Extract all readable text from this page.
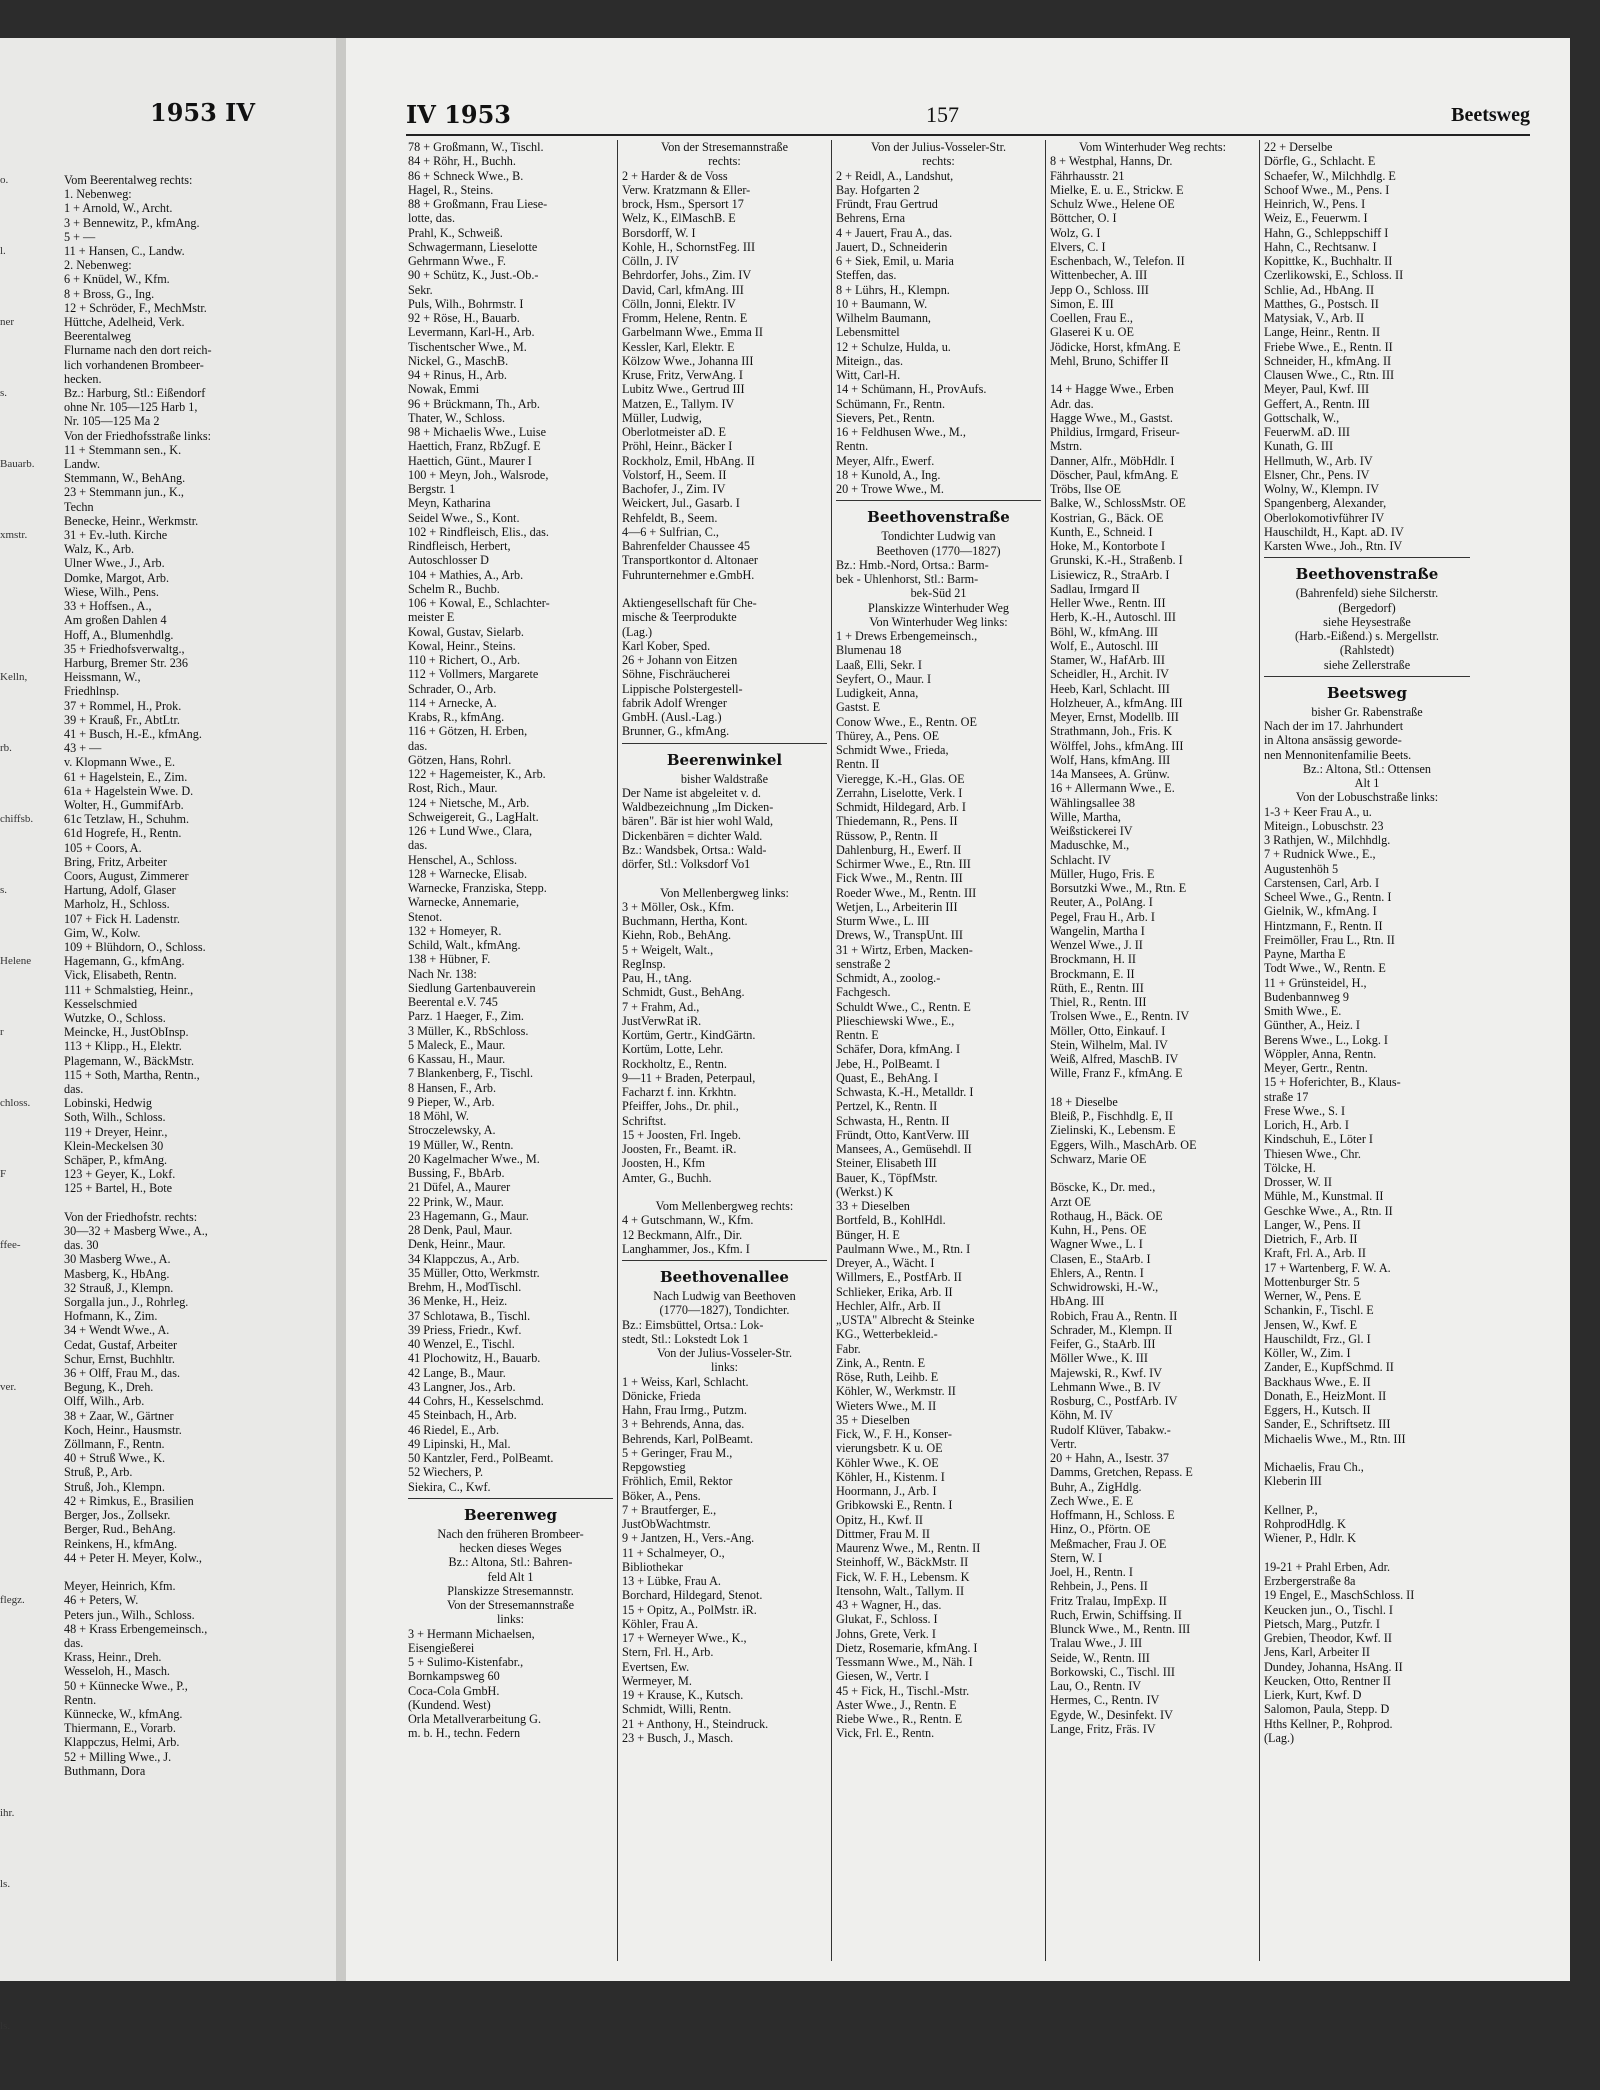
1953 IV
o.
l.
ner
s.
Bauarb.
xmstr.

Kelln,
rb.
chiffsb.
s.
Helene
r
chloss.
F
ffee-

ver.

flegz.

ihr.
ls.

ls.
Vom Beerentalweg rechts:
1. Nebenweg:
1 + Arnold, W., Archt.
3 + Bennewitz, P., kfmAng.
5 + —
11 + Hansen, C., Landw.
2. Nebenweg:
6 + Knüdel, W., Kfm.
8 + Bross, G., Ing.
12 + Schröder, F., MechMstr.
Hüttche, Adelheid, Verk.
Beerentalweg
Flurname nach den dort reich-
lich vorhandenen Brombeer-
hecken.
Bz.: Harburg, Stl.: Eißendorf
ohne Nr. 105—125 Harb 1,
Nr. 105—125 Ma 2
Von der Friedhofsstraße links:
11 + Stemmann sen., K.
Landw.
Stemmann, W., BehAng.
23 + Stemmann jun., K.,
Techn
Benecke, Heinr., Werkmstr.
31 + Ev.-luth. Kirche
Walz, K., Arb.
Ulner Wwe., J., Arb.
Domke, Margot, Arb.
Wiese, Wilh., Pens.
33 + Hoffsen., A.,
Am großen Dahlen 4
Hoff, A., Blumenhdlg.
35 + Friedhofsverwaltg.,
Harburg, Bremer Str. 236
Heissmann, W.,
Friedhlnsp.
37 + Rommel, H., Prok.
39 + Krauß, Fr., AbtLtr.
41 + Busch, H.-E., kfmAng.
43 + —
v. Klopmann Wwe., E.
61 + Hagelstein, E., Zim.
61a + Hagelstein Wwe. D.
Wolter, H., GummifArb.
61c Tetzlaw, H., Schuhm.
61d Hogrefe, H., Rentn.
105 + Coors, A.
Bring, Fritz, Arbeiter
Coors, August, Zimmerer
Hartung, Adolf, Glaser
Marholz, H., Schloss.
107 + Fick H. Ladenstr.
Gim, W., Kolw.
109 + Blühdorn, O., Schloss.
Hagemann, G., kfmAng.
Vick, Elisabeth, Rentn.
111 + Schmalstieg, Heinr.,
Kesselschmied
Wutzke, O., Schloss.
Meincke, H., JustObInsp.
113 + Klipp., H., Elektr.
Plagemann, W., BäckMstr.
115 + Soth, Martha, Rentn.,
das.
Lobinski, Hedwig
Soth, Wilh., Schloss.
119 + Dreyer, Heinr.,
Klein-Meckelsen 30
Schäper, P., kfmAng.
123 + Geyer, K., Lokf.
125 + Bartel, H., Bote

Von der Friedhofstr. rechts:
30—32 + Masberg Wwe., A.,
das. 30
30 Masberg Wwe., A.
Masberg, K., HbAng.
32 Strauß, J., Klempn.
Sorgalla jun., J., Rohrleg.
Hofmann, K., Zim.
34 + Wendt Wwe., A.
Cedat, Gustaf, Arbeiter
Schur, Ernst, Buchhltr.
36 + Olff, Frau M., das.
Begung, K., Dreh.
Olff, Wilh., Arb.
38 + Zaar, W., Gärtner
Koch, Heinr., Hausmstr.
Zöllmann, F., Rentn.
40 + Struß Wwe., K.
Struß, P., Arb.
Struß, Joh., Klempn.
42 + Rimkus, E., Brasilien
Berger, Jos., Zollsekr.
Berger, Rud., BehAng.
Reinkens, H., kfmAng.
44 + Peter H. Meyer, Kolw.,

Meyer, Heinrich, Kfm.
46 + Peters, W.
Peters jun., Wilh., Schloss.
48 + Krass Erbengemeinsch.,
das.
Krass, Heinr., Dreh.
Wesseloh, H., Masch.
50 + Künnecke Wwe., P.,
Rentn.
Künnecke, W., kfmAng.
Thiermann, E., Vorarb.
Klappczus, Helmi, Arb.
52 + Milling Wwe., J.
Buthmann, Dora
IV 1953	157	Beetsweg
78 + Großmann, W., Tischl.
84 + Röhr, H., Buchh.
86 + Schneck Wwe., B.
Hagel, R., Steins.
88 + Großmann, Frau Liese-
lotte, das.
Prahl, K., Schweiß.
Schwagermann, Lieselotte
Gehrmann Wwe., F.
90 + Schütz, K., Just.-Ob.-
Sekr.
Puls, Wilh., Bohrmstr. I
92 + Röse, H., Bauarb.
Levermann, Karl-H., Arb.
Tischentscher Wwe., M.
Nickel, G., MaschB.
94 + Rinus, H., Arb.
Nowak, Emmi
96 + Brückmann, Th., Arb.
Thater, W., Schloss.
98 + Michaelis Wwe., Luise
Haettich, Franz, RbZugf. E
Haettich, Günt., Maurer I
100 + Meyn, Joh., Walsrode,
Bergstr. 1
Meyn, Katharina
Seidel Wwe., S., Kont.
102 + Rindfleisch, Elis., das.
Rindfleisch, Herbert,
Autoschlosser D
104 + Mathies, A., Arb.
Schelm R., Buchb.
106 + Kowal, E., Schlachter-
meister E
Kowal, Gustav, Sielarb.
Kowal, Heinr., Steins.
110 + Richert, O., Arb.
112 + Vollmers, Margarete
Schrader, O., Arb.
114 + Arnecke, A.
Krabs, R., kfmAng.
116 + Götzen, H. Erben,
das.
Götzen, Hans, Rohrl.
122 + Hagemeister, K., Arb.
Rost, Rich., Maur.
124 + Nietsche, M., Arb.
Schweigereit, G., LagHalt.
126 + Lund Wwe., Clara,
das.
Henschel, A., Schloss.
128 + Warnecke, Elisab.
Warnecke, Franziska, Stepp.
Warnecke, Annemarie,
Stenot.
132 + Homeyer, R.
Schild, Walt., kfmAng.
138 + Hübner, F.
Nach Nr. 138:
Siedlung Gartenbauverein
Beerental e.V. 745
Parz. 1 Haeger, F., Zim.
3 Müller, K., RbSchloss.
5 Maleck, E., Maur.
6 Kassau, H., Maur.
7 Blankenberg, F., Tischl.
8 Hansen, F., Arb.
9 Pieper, W., Arb.
18 Möhl, W.
Stroczelewsky, A.
19 Müller, W., Rentn.
20 Kagelmacher Wwe., M.
Bussing, F., BbArb.
21 Düfel, A., Maurer
22 Prink, W., Maur.
23 Hagemann, G., Maur.
28 Denk, Paul, Maur.
Denk, Heinr., Maur.
34 Klappczus, A., Arb.
35 Müller, Otto, Werkmstr.
Brehm, H., ModTischl.
36 Menke, H., Heiz.
37 Schlotawa, B., Tischl.
39 Priess, Friedr., Kwf.
40 Wenzel, E., Tischl.
41 Plochowitz, H., Bauarb.
42 Lange, B., Maur.
43 Langner, Jos., Arb.
44 Cohrs, H., Kesselschmd.
45 Steinbach, H., Arb.
46 Riedel, E., Arb.
49 Lipinski, H., Mal.
50 Kantzler, Ferd., PolBeamt.
52 Wiechers, P.
Siekira, C., Kwf.
Beerenweg
Nach den früheren Brombeer-
hecken dieses Weges
Bz.: Altona, Stl.: Bahren-
feld Alt 1
Planskizze Stresemannstr.
Von der Stresemannstraße
links:
3 + Hermann Michaelsen,
Eisengießerei
5 + Sulimo-Kistenfabr.,
Bornkampsweg 60
Coca-Cola GmbH.
(Kundend. West)
Orla Metallverarbeitung G.
m. b. H., techn. Federn
Von der Stresemannstraße
rechts:
2 + Harder & de Voss
Verw. Kratzmann & Eller-
brock, Hsm., Spersort 17
Welz, K., ElMaschB. E
Borsdorff, W. I
Kohle, H., SchornstFeg. III
Cölln, J. IV
Behrdorfer, Johs., Zim. IV
David, Carl, kfmAng. III
Cölln, Jonni, Elektr. IV
Fromm, Helene, Rentn. E
Garbelmann Wwe., Emma II
Kessler, Karl, Elektr. E
Kölzow Wwe., Johanna III
Kruse, Fritz, VerwAng. I
Lubitz Wwe., Gertrud III
Matzen, E., Tallym. IV
Müller, Ludwig,
Oberlotmeister aD. E
Pröhl, Heinr., Bäcker I
Rockholz, Emil, HbAng. II
Volstorf, H., Seem. II
Bachofer, J., Zim. IV
Weickert, Jul., Gasarb. I
Rehfeldt, B., Seem.
4—6 + Sulfrian, C.,
Bahrenfelder Chaussee 45
Transportkontor d. Altonaer
Fuhrunternehmer e.GmbH.

Aktiengesellschaft für Che-
mische & Teerprodukte
(Lag.)
Karl Kober, Sped.
26 + Johann von Eitzen
Söhne, Fischräucherei
Lippische Polstergestell-
fabrik Adolf Wrenger
GmbH. (Ausl.-Lag.)
Brunner, G., kfmAng.
Beerenwinkel
bisher Waldstraße
Der Name ist abgeleitet v. d.
Waldbezeichnung „Im Dicken-
bären". Bär ist hier wohl Wald,
Dickenbären = dichter Wald.
Bz.: Wandsbek, Ortsa.: Wald-
dörfer, Stl.: Volksdorf Vo1

Von Mellenbergweg links:
3 + Möller, Osk., Kfm.
Buchmann, Hertha, Kont.
Kiehn, Rob., BehAng.
5 + Weigelt, Walt.,
RegInsp.
Pau, H., tAng.
Schmidt, Gust., BehAng.
7 + Frahm, Ad.,
JustVerwRat iR.
Kortüm, Gertr., KindGärtn.
Kortüm, Lotte, Lehr.
Rockholtz, E., Rentn.
9—11 + Braden, Peterpaul,
Facharzt f. inn. Krkhtn.
Pfeiffer, Johs., Dr. phil.,
Schriftst.
15 + Joosten, Frl. Ingeb.
Joosten, Fr., Beamt. iR.
Joosten, H., Kfm
Amter, G., Buchh.

Vom Mellenbergweg rechts:
4 + Gutschmann, W., Kfm.
12 Beckmann, Alfr., Dir.
Langhammer, Jos., Kfm. I
Beethovenallee
Nach Ludwig van Beethoven
(1770—1827), Tondichter.
Bz.: Eimsbüttel, Ortsa.: Lok-
stedt, Stl.: Lokstedt Lok 1
Von der Julius-Vosseler-Str.
links:
1 + Weiss, Karl, Schlacht.
Dönicke, Frieda
Hahn, Frau Irmg., Putzm.
3 + Behrends, Anna, das.
Behrends, Karl, PolBeamt.
5 + Geringer, Frau M.,
Repgowstieg
Fröhlich, Emil, Rektor
Böker, A., Pens.
7 + Brautferger, E.,
JustObWachtmstr.
9 + Jantzen, H., Vers.-Ang.
11 + Schalmeyer, O.,
Bibliothekar
13 + Lübke, Frau A.
Borchard, Hildegard, Stenot.
15 + Opitz, A., PolMstr. iR.
Köhler, Frau A.
17 + Werneyer Wwe., K.,
Stern, Frl. H., Arb.
Evertsen, Ew.
Wermeyer, M.
19 + Krause, K., Kutsch.
Schmidt, Willi, Rentn.
21 + Anthony, H., Steindruck.
23 + Busch, J., Masch.
Von der Julius-Vosseler-Str.
rechts:
2 + Reidl, A., Landshut,
Bay. Hofgarten 2
Fründt, Frau Gertrud
Behrens, Erna
4 + Jauert, Frau A., das.
Jauert, D., Schneiderin
6 + Siek, Emil, u. Maria
Steffen, das.
8 + Lührs, H., Klempn.
10 + Baumann, W.
Wilhelm Baumann,
Lebensmittel
12 + Schulze, Hulda, u.
Miteign., das.
Witt, Carl-H.
14 + Schümann, H., ProvAufs.
Schümann, Fr., Rentn.
Sievers, Pet., Rentn.
16 + Feldhusen Wwe., M.,
Rentn.
Meyer, Alfr., Ewerf.
18 + Kunold, A., Ing.
20 + Trowe Wwe., M.
Beethovenstraße
Tondichter Ludwig van
Beethoven (1770—1827)
Bz.: Hmb.-Nord, Ortsa.: Barm-
bek - Uhlenhorst, Stl.: Barm-
bek-Süd 21
Planskizze Winterhuder Weg
Von Winterhuder Weg links:
1 + Drews Erbengemeinsch.,
Blumenau 18
Laaß, Elli, Sekr. I
Seyfert, O., Maur. I
Ludigkeit, Anna,
Gastst. E
Conow Wwe., E., Rentn. OE
Thürey, A., Pens. OE
Schmidt Wwe., Frieda,
Rentn. II
Vieregge, K.-H., Glas. OE
Zerrahn, Liselotte, Verk. I
Schmidt, Hildegard, Arb. I
Thiedemann, R., Pens. II
Rüssow, P., Rentn. II
Dahlenburg, H., Ewerf. II
Schirmer Wwe., E., Rtn. III
Fick Wwe., M., Rentn. III
Roeder Wwe., M., Rentn. III
Wetjen, L., Arbeiterin III
Sturm Wwe., L. III
Drews, W., TranspUnt. III
31 + Wirtz, Erben, Macken-
senstraße 2
Schmidt, A., zoolog.-
Fachgesch.
Schuldt Wwe., C., Rentn. E
Plieschiewski Wwe., E.,
Rentn. E
Schäfer, Dora, kfmAng. I
Jebe, H., PolBeamt. I
Quast, E., BehAng. I
Schwasta, K.-H., Metalldr. I
Pertzel, K., Rentn. II
Schwasta, H., Rentn. II
Fründt, Otto, KantVerw. III
Mansees, A., Gemüsehdl. II
Steiner, Elisabeth III
Bauer, K., TöpfMstr.
(Werkst.) K
33 + Dieselben
Bortfeld, B., KohlHdl.
Bünger, H. E
Paulmann Wwe., M., Rtn. I
Dreyer, A., Wächt. I
Willmers, E., PostfArb. II
Schlieker, Erika, Arb. II
Hechler, Alfr., Arb. II
„USTA" Albrecht & Steinke
KG., Wetterbekleid.-
Fabr.
Zink, A., Rentn. E
Röse, Ruth, Leihb. E
Köhler, W., Werkmstr. II
Wieters Wwe., M. II
35 + Dieselben
Fick, W., F. H., Konser-
vierungsbetr. K u. OE
Köhler Wwe., K. OE
Köhler, H., Kistenm. I
Hoormann, J., Arb. I
Gribkowski E., Rentn. I
Opitz, H., Kwf. II
Dittmer, Frau M. II
Maurenz Wwe., M., Rentn. II
Steinhoff, W., BäckMstr. II
Fick, W. F. H., Lebensm. K
Itensohn, Walt., Tallym. II
43 + Wagner, H., das.
Glukat, F., Schloss. I
Johns, Grete, Verk. I
Dietz, Rosemarie, kfmAng. I
Tessmann Wwe., M., Näh. I
Giesen, W., Vertr. I
45 + Fick, H., Tischl.-Mstr.
Aster Wwe., J., Rentn. E
Riebe Wwe., R., Rentn. E
Vick, Frl. E., Rentn.
Vom Winterhuder Weg rechts:
8 + Westphal, Hanns, Dr.
Fährhausstr. 21
Mielke, E. u. E., Strickw. E
Schulz Wwe., Helene OE
Böttcher, O. I
Wolz, G. I
Elvers, C. I
Eschenbach, W., Telefon. II
Wittenbecher, A. III
Jepp O., Schloss. III
Simon, E. III
Coellen, Frau E.,
Glaserei K u. OE
Jödicke, Horst, kfmAng. E
Mehl, Bruno, Schiffer II

14 + Hagge Wwe., Erben
Adr. das.
Hagge Wwe., M., Gastst.
Phildius, Irmgard, Friseur-
Mstrn.
Danner, Alfr., MöbHdlr. I
Döscher, Paul, kfmAng. E
Tröbs, Ilse OE
Balke, W., SchlossMstr. OE
Kostrian, G., Bäck. OE
Kunth, E., Schneid. I
Hoke, M., Kontorbote I
Grunski, K.-H., Straßenb. I
Lisiewicz, R., StraArb. I
Sadlau, Irmgard II
Heller Wwe., Rentn. III
Herb, K.-H., Autoschl. III
Böhl, W., kfmAng. III
Wolf, E., Autoschl. III
Stamer, W., HafArb. III
Scheidler, H., Archit. IV
Heeb, Karl, Schlacht. III
Holzheuer, A., kfmAng. III
Meyer, Ernst, Modellb. III
Strathmann, Joh., Fris. K
Wölffel, Johs., kfmAng. III
Wolf, Hans, kfmAng. III
14a Mansees, A. Grünw.
16 + Allermann Wwe., E.
Wählingsallee 38
Wille, Martha,
Weißstickerei IV
Maduschke, M.,
Schlacht. IV
Müller, Hugo, Fris. E
Borsutzki Wwe., M., Rtn. E
Reuter, A., PolAng. I
Pegel, Frau H., Arb. I
Wangelin, Martha I
Wenzel Wwe., J. II
Brockmann, H. II
Brockmann, E. II
Rüth, E., Rentn. III
Thiel, R., Rentn. III
Trolsen Wwe., E., Rentn. IV
Möller, Otto, Einkauf. I
Stein, Wilhelm, Mal. IV
Weiß, Alfred, MaschB. IV
Wille, Franz F., kfmAng. E

18 + Dieselbe
Bleiß, P., Fischhdlg. E, II
Zielinski, K., Lebensm. E
Eggers, Wilh., MaschArb. OE
Schwarz, Marie OE

Böscke, K., Dr. med.,
Arzt OE
Rothaug, H., Bäck. OE
Kuhn, H., Pens. OE
Wagner Wwe., L. I
Clasen, E., StaArb. I
Ehlers, A., Rentn. I
Schwidrowski, H.-W.,
HbAng. III
Robich, Frau A., Rentn. II
Schrader, M., Klempn. II
Feifer, G., StaArb. III
Möller Wwe., K. III
Majewski, R., Kwf. IV
Lehmann Wwe., B. IV
Rosburg, C., PostfArb. IV
Köhn, M. IV
Rudolf Klüver, Tabakw.-
Vertr.
20 + Hahn, A., Isestr. 37
Damms, Gretchen, Repass. E
Buhr, A., ZigHdlg.
Zech Wwe., E. E
Hoffmann, H., Schloss. E
Hinz, O., Pförtn. OE
Meßmacher, Frau J. OE
Stern, W. I
Joel, H., Rentn. I
Rehbein, J., Pens. II
Fritz Tralau, ImpExp. II
Ruch, Erwin, Schiffsing. II
Blunck Wwe., M., Rentn. III
Tralau Wwe., J. III
Seide, W., Rentn. III
Borkowski, C., Tischl. III
Lau, O., Rentn. IV
Hermes, C., Rentn. IV
Egyde, W., Desinfekt. IV
Lange, Fritz, Fräs. IV
22 + Derselbe
Dörfle, G., Schlacht. E
Schaefer, W., Milchhdlg. E
Schoof Wwe., M., Pens. I
Heinrich, W., Pens. I
Weiz, E., Feuerwm. I
Hahn, G., Schleppschiff I
Hahn, C., Rechtsanw. I
Kopittke, K., Buchhaltr. II
Czerlikowski, E., Schloss. II
Schlie, Ad., HbAng. II
Matthes, G., Postsch. II
Matysiak, V., Arb. II
Lange, Heinr., Rentn. II
Friebe Wwe., E., Rentn. II
Schneider, H., kfmAng. II
Clausen Wwe., C., Rtn. III
Meyer, Paul, Kwf. III
Geffert, A., Rentn. III
Gottschalk, W.,
FeuerwM. aD. III
Kunath, G. III
Hellmuth, W., Arb. IV
Elsner, Chr., Pens. IV
Wolny, W., Klempn. IV
Spangenberg, Alexander,
Oberlokomotivführer IV
Hauschildt, H., Kapt. aD. IV
Karsten Wwe., Joh., Rtn. IV
Beethovenstraße
(Bahrenfeld) siehe Silcherstr.
(Bergedorf)
siehe Heysestraße
(Harb.-Eißend.) s. Mergellstr.
(Rahlstedt)
siehe Zellerstraße
Beetsweg
bisher Gr. Rabenstraße
Nach der im 17. Jahrhundert
in Altona ansässig geworde-
nen Mennonitenfamilie Beets.
Bz.: Altona, Stl.: Ottensen
Alt 1
Von der Lobuschstraße links:
1-3 + Keer Frau A., u.
Miteign., Lobuschstr. 23
3 Rathjen, W., Milchhdlg.
7 + Rudnick Wwe., E.,
Augustenhöh 5
Carstensen, Carl, Arb. I
Scheel Wwe., G., Rentn. I
Gielnik, W., kfmAng. I
Hintzmann, F., Rentn. II
Freimöller, Frau L., Rtn. II
Payne, Martha E
Todt Wwe., W., Rentn. E
11 + Grünsteidel, H.,
Budenbannweg 9
Smith Wwe., E.
Günther, A., Heiz. I
Berens Wwe., L., Lokg. I
Wöppler, Anna, Rentn.
Meyer, Gertr., Rentn.
15 + Hoferichter, B., Klaus-
straße 17
Frese Wwe., S. I
Lorich, H., Arb. I
Kindschuh, E., Löter I
Thiesen Wwe., Chr.
Tölcke, H.
Drosser, W. II
Mühle, M., Kunstmal. II
Geschke Wwe., A., Rtn. II
Langer, W., Pens. II
Dietrich, F., Arb. II
Kraft, Frl. A., Arb. II
17 + Wartenberg, F. W. A.
Mottenburger Str. 5
Werner, W., Pens. E
Schankin, F., Tischl. E
Jensen, W., Kwf. E
Hauschildt, Frz., Gl. I
Köller, W., Zim. I
Zander, E., KupfSchmd. II
Backhaus Wwe., E. II
Donath, E., HeizMont. II
Eggers, H., Kutsch. II
Sander, E., Schriftsetz. III
Michaelis Wwe., M., Rtn. III

Michaelis, Frau Ch.,
Kleberin III

Kellner, P.,
RohprodHdlg. K
Wiener, P., Hdlr. K

19-21 + Prahl Erben, Adr.
Erzbergerstraße 8a
19 Engel, E., MaschSchloss. II
Keucken jun., O., Tischl. I
Pietsch, Marg., Putzfr. I
Grebien, Theodor, Kwf. II
Jens, Karl, Arbeiter II
Dundey, Johanna, HsAng. II
Keucken, Otto, Rentner II
Lierk, Kurt, Kwf. D
Salomon, Paula, Stepp. D
Hths Kellner, P., Rohprod.
(Lag.)
